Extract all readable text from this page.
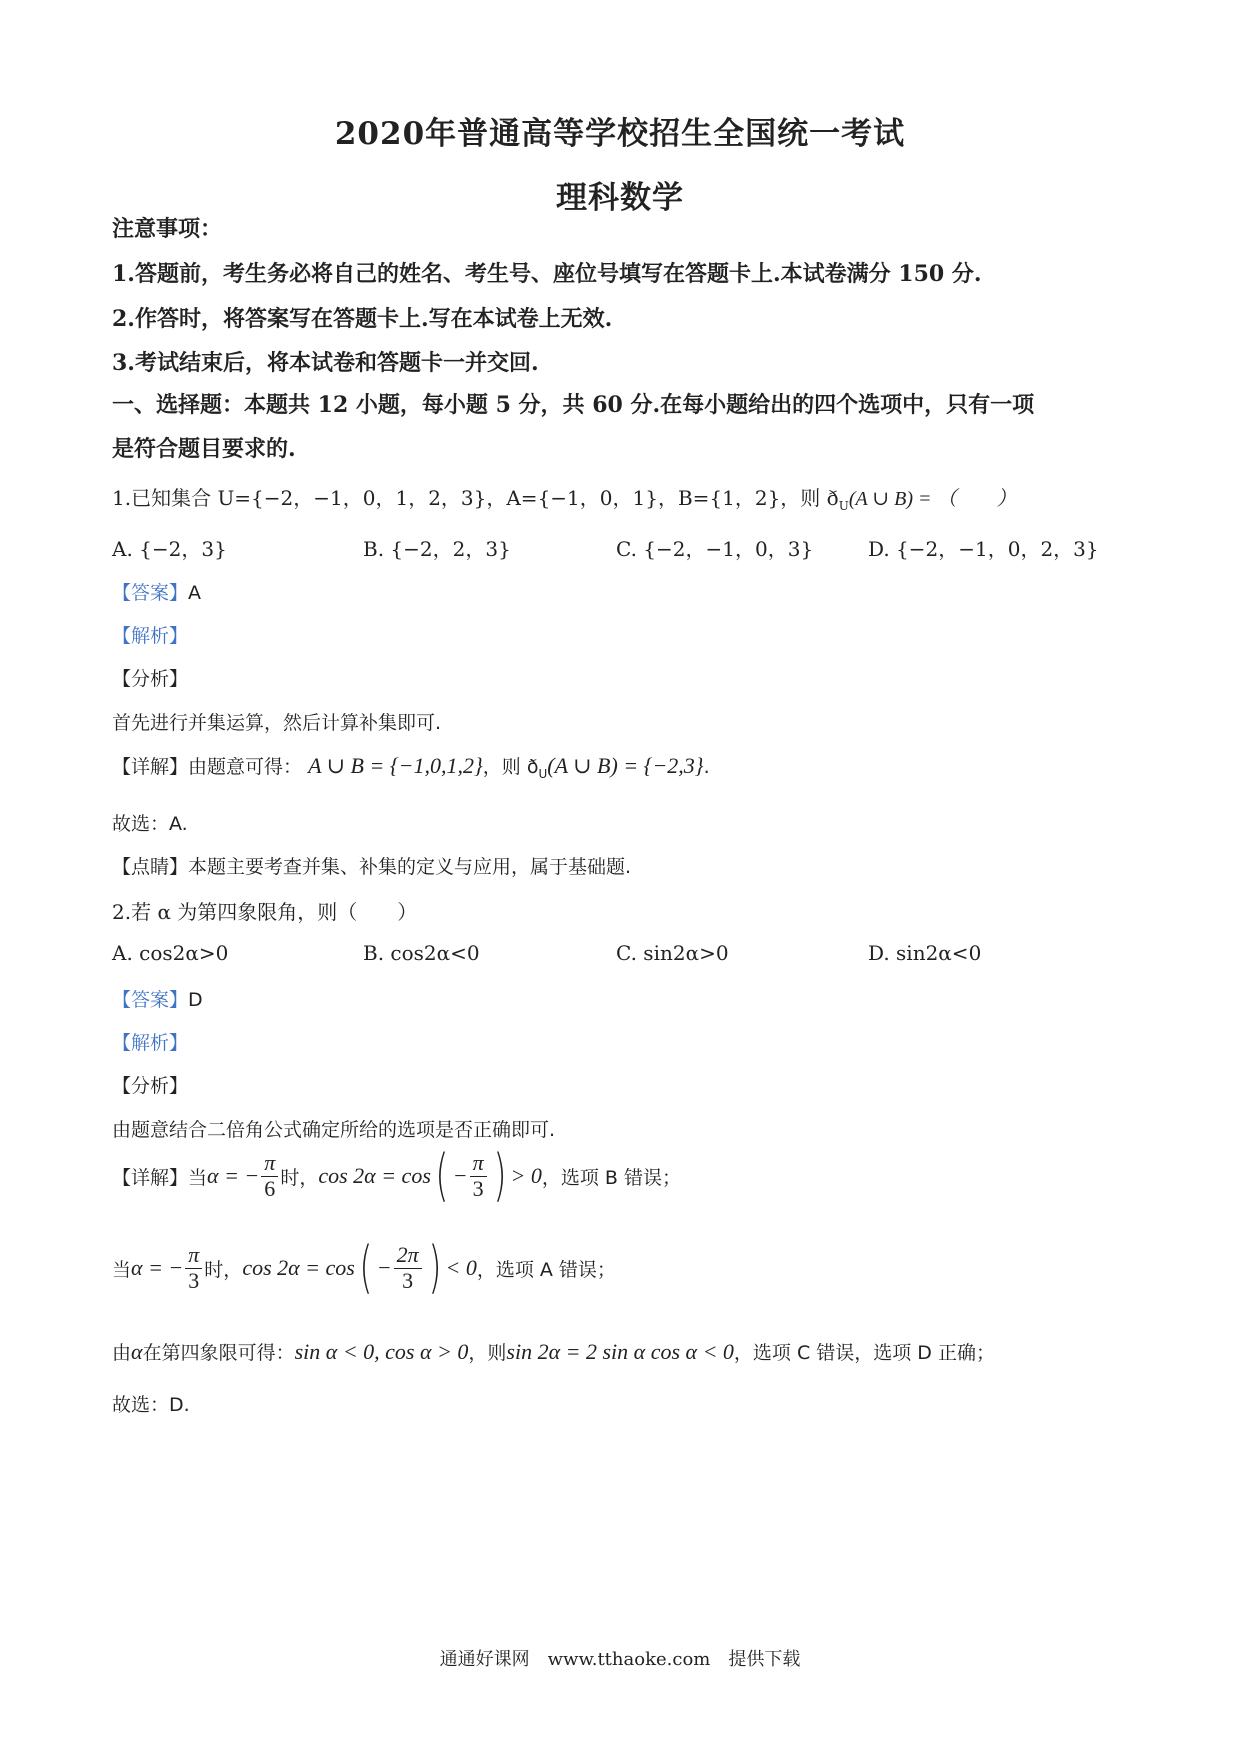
2020年普通高等学校招生全国统一考试
理科数学
注意事项：
1.答题前，考生务必将自己的姓名、考生号、座位号填写在答题卡上.本试卷满分 150 分.
2.作答时，将答案写在答题卡上.写在本试卷上无效.
3.考试结束后，将本试卷和答题卡一并交回.
一、选择题：本题共 12 小题，每小题 5 分，共 60 分.在每小题给出的四个选项中，只有一项
是符合题目要求的.
1.已知集合 U={−2，−1，0，1，2，3}，A={−1，0，1}，B={1，2}，则 $ð_U(A$ ∪ B) = （　　）
A. {−2，3}	B. {−2，2，3}	C. {−2，−1，0，3}	D. {−2，−1，0，2，3}
【答案】A
【解析】
【分析】
首先进行并集运算，然后计算补集即可.
【详解】由题意可得： A ∪ B = {−1,0,1,2}，则 $ð_U(A$ ∪ B) = {−2,3}.
故选：A.
【点睛】本题主要考查并集、补集的定义与应用，属于基础题.
2.若 α 为第四象限角，则（　　）
A. cos2α>0	B. cos2α<0	C. sin2α>0	D. sin2α<0
【答案】D
【解析】
【分析】
由题意结合二倍角公式确定所给的选项是否正确即可.
【详解】 当 α = − $\frac{\pi}{6}$ 时， cos 2α = cos ( − $\frac{\pi}{3}$ ) > 0 ，选项 B 错误；
当 α = − $\frac{\pi}{3}$ 时， cos 2α = cos ( − $\frac{2\pi}{3}$ ) < 0 ，选项 A 错误；
由α在第四象限可得：sin α < 0, cos α > 0，则sin 2α = 2 sin α cos α < 0，选项 C 错误，选项 D 正确；
故选：D.
通通好课网　www.tthaoke.com　提供下载
